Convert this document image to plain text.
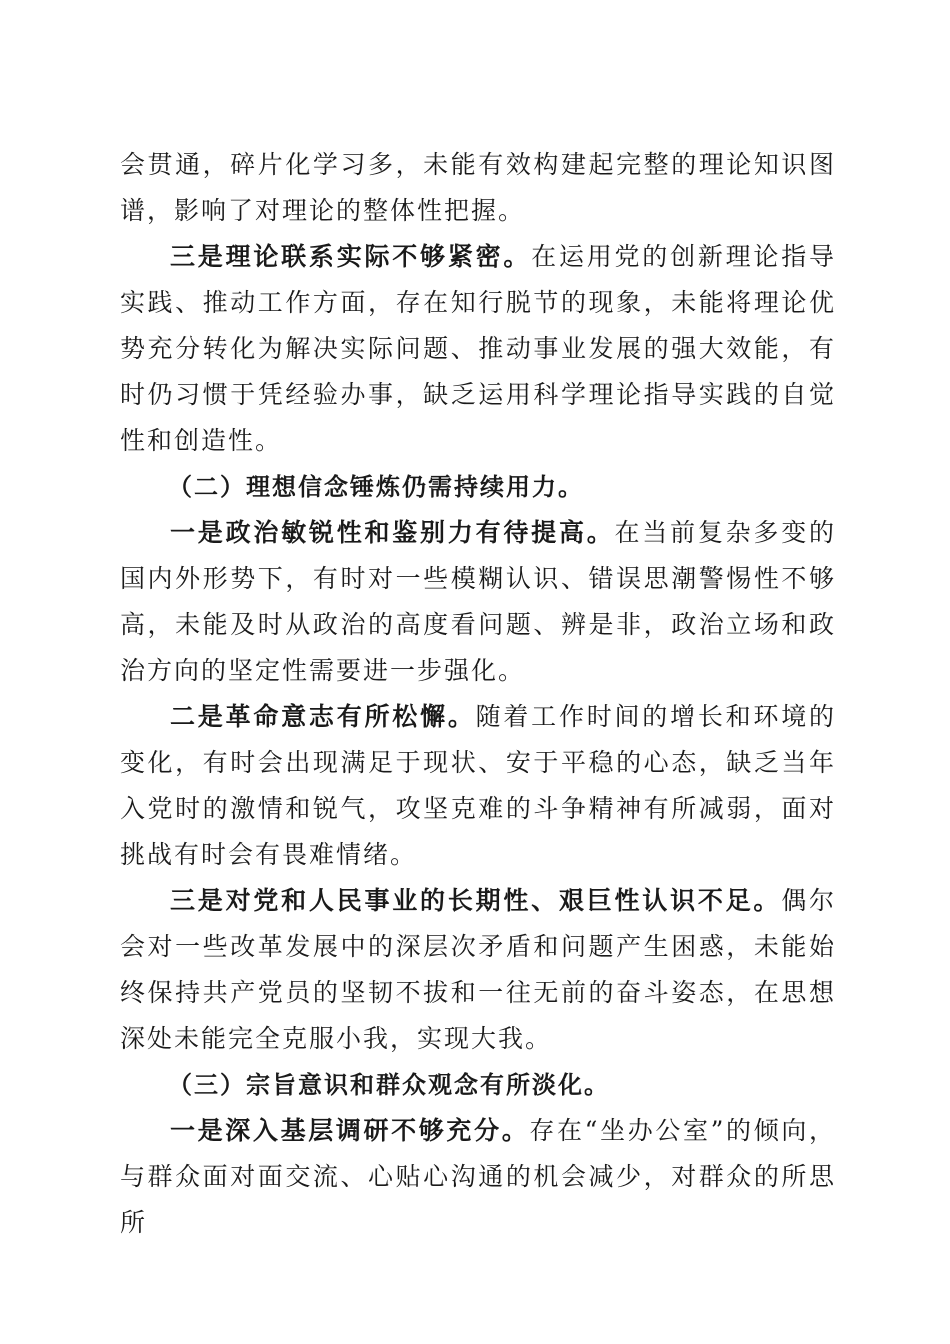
会贯通，碎片化学习多，未能有效构建起完整的理论知识图谱，影响了对理论的整体性把握。

三是理论联系实际不够紧密。在运用党的创新理论指导实践、推动工作方面，存在知行脱节的现象，未能将理论优势充分转化为解决实际问题、推动事业发展的强大效能，有时仍习惯于凭经验办事，缺乏运用科学理论指导实践的自觉性和创造性。

（二）理想信念锤炼仍需持续用力。

一是政治敏锐性和鉴别力有待提高。在当前复杂多变的国内外形势下，有时对一些模糊认识、错误思潮警惕性不够高，未能及时从政治的高度看问题、辨是非，政治立场和政治方向的坚定性需要进一步强化。

二是革命意志有所松懈。随着工作时间的增长和环境的变化，有时会出现满足于现状、安于平稳的心态，缺乏当年入党时的激情和锐气，攻坚克难的斗争精神有所减弱，面对挑战有时会有畏难情绪。

三是对党和人民事业的长期性、艰巨性认识不足。偶尔会对一些改革发展中的深层次矛盾和问题产生困惑，未能始终保持共产党员的坚韧不拔和一往无前的奋斗姿态，在思想深处未能完全克服小我，实现大我。

（三）宗旨意识和群众观念有所淡化。

一是深入基层调研不够充分。存在“坐办公室”的倾向，与群众面对面交流、心贴心沟通的机会减少，对群众的所思所
